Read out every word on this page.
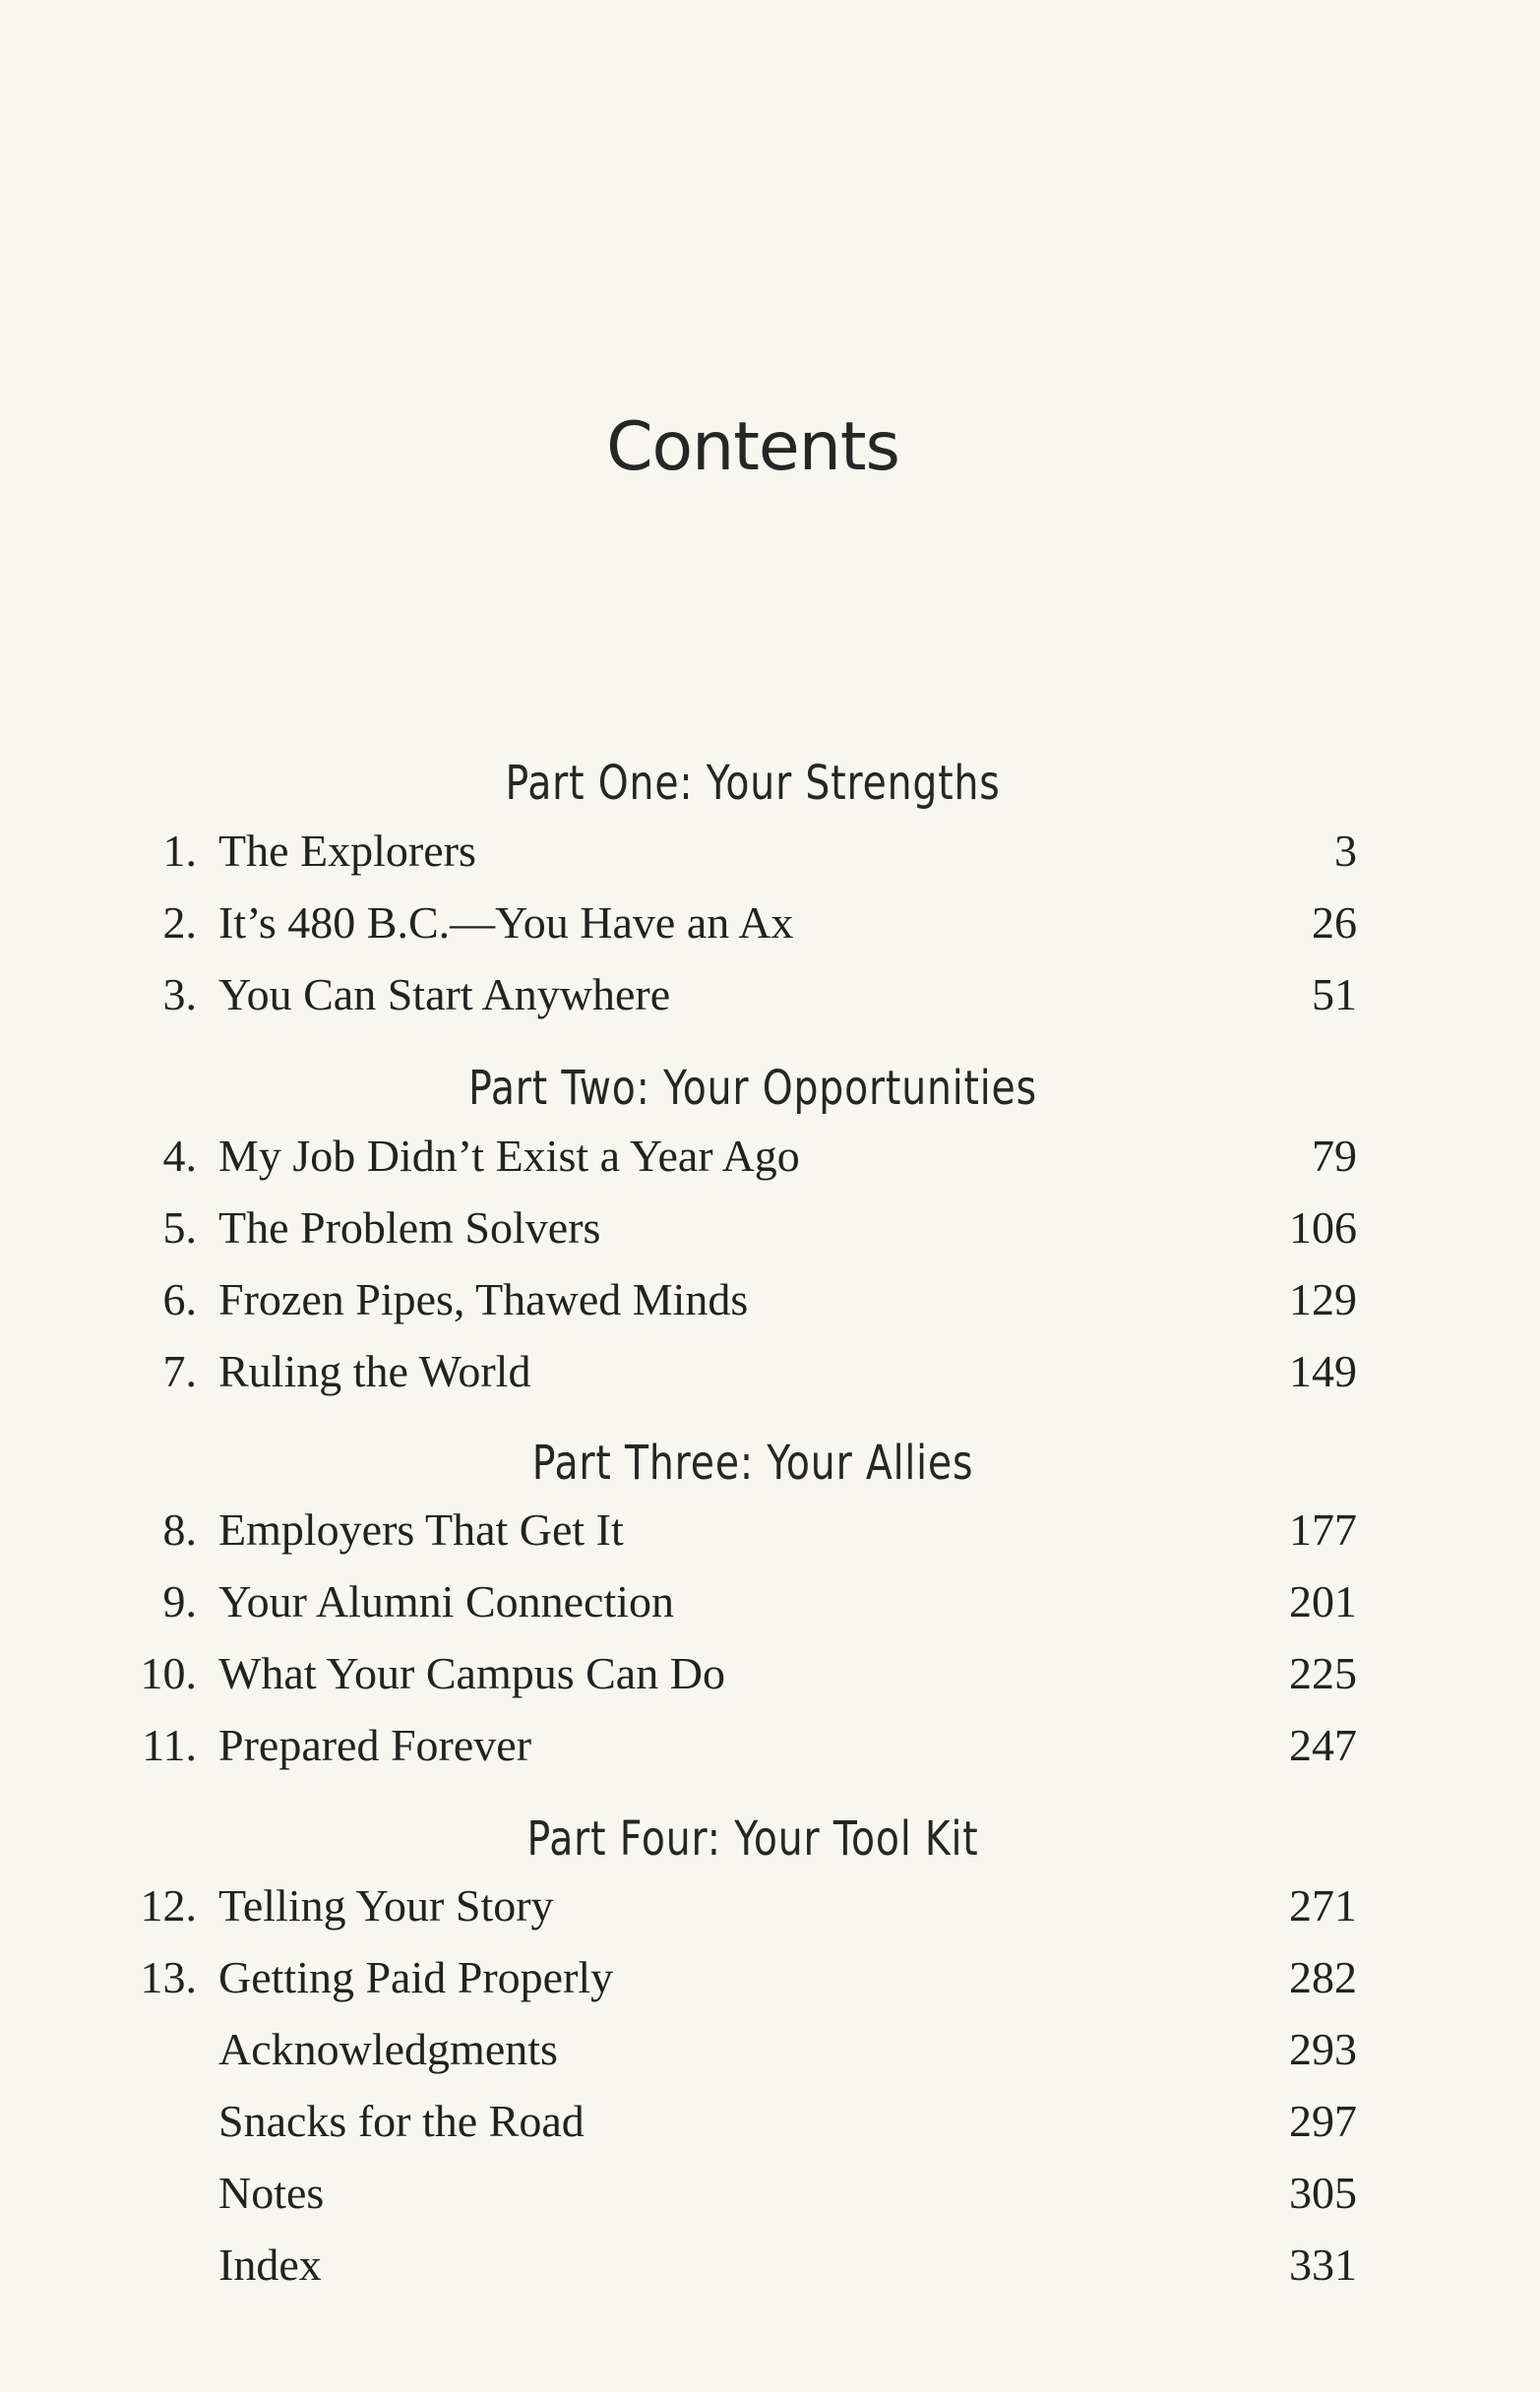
Contents
Part One: Your Strengths
1. The Explorers	3
2. It’s 480 B.C.—You Have an Ax	26
3. You Can Start Anywhere	51
Part Two: Your Opportunities
4. My Job Didn’t Exist a Year Ago	79
5. The Problem Solvers	106
6. Frozen Pipes, Thawed Minds	129
7. Ruling the World	149
Part Three: Your Allies
8. Employers That Get It	177
9. Your Alumni Connection	201
10. What Your Campus Can Do	225
11. Prepared Forever	247
Part Four: Your Tool Kit
12. Telling Your Story	271
13. Getting Paid Properly	282
Acknowledgments	293
Snacks for the Road	297
Notes	305
Index	331
